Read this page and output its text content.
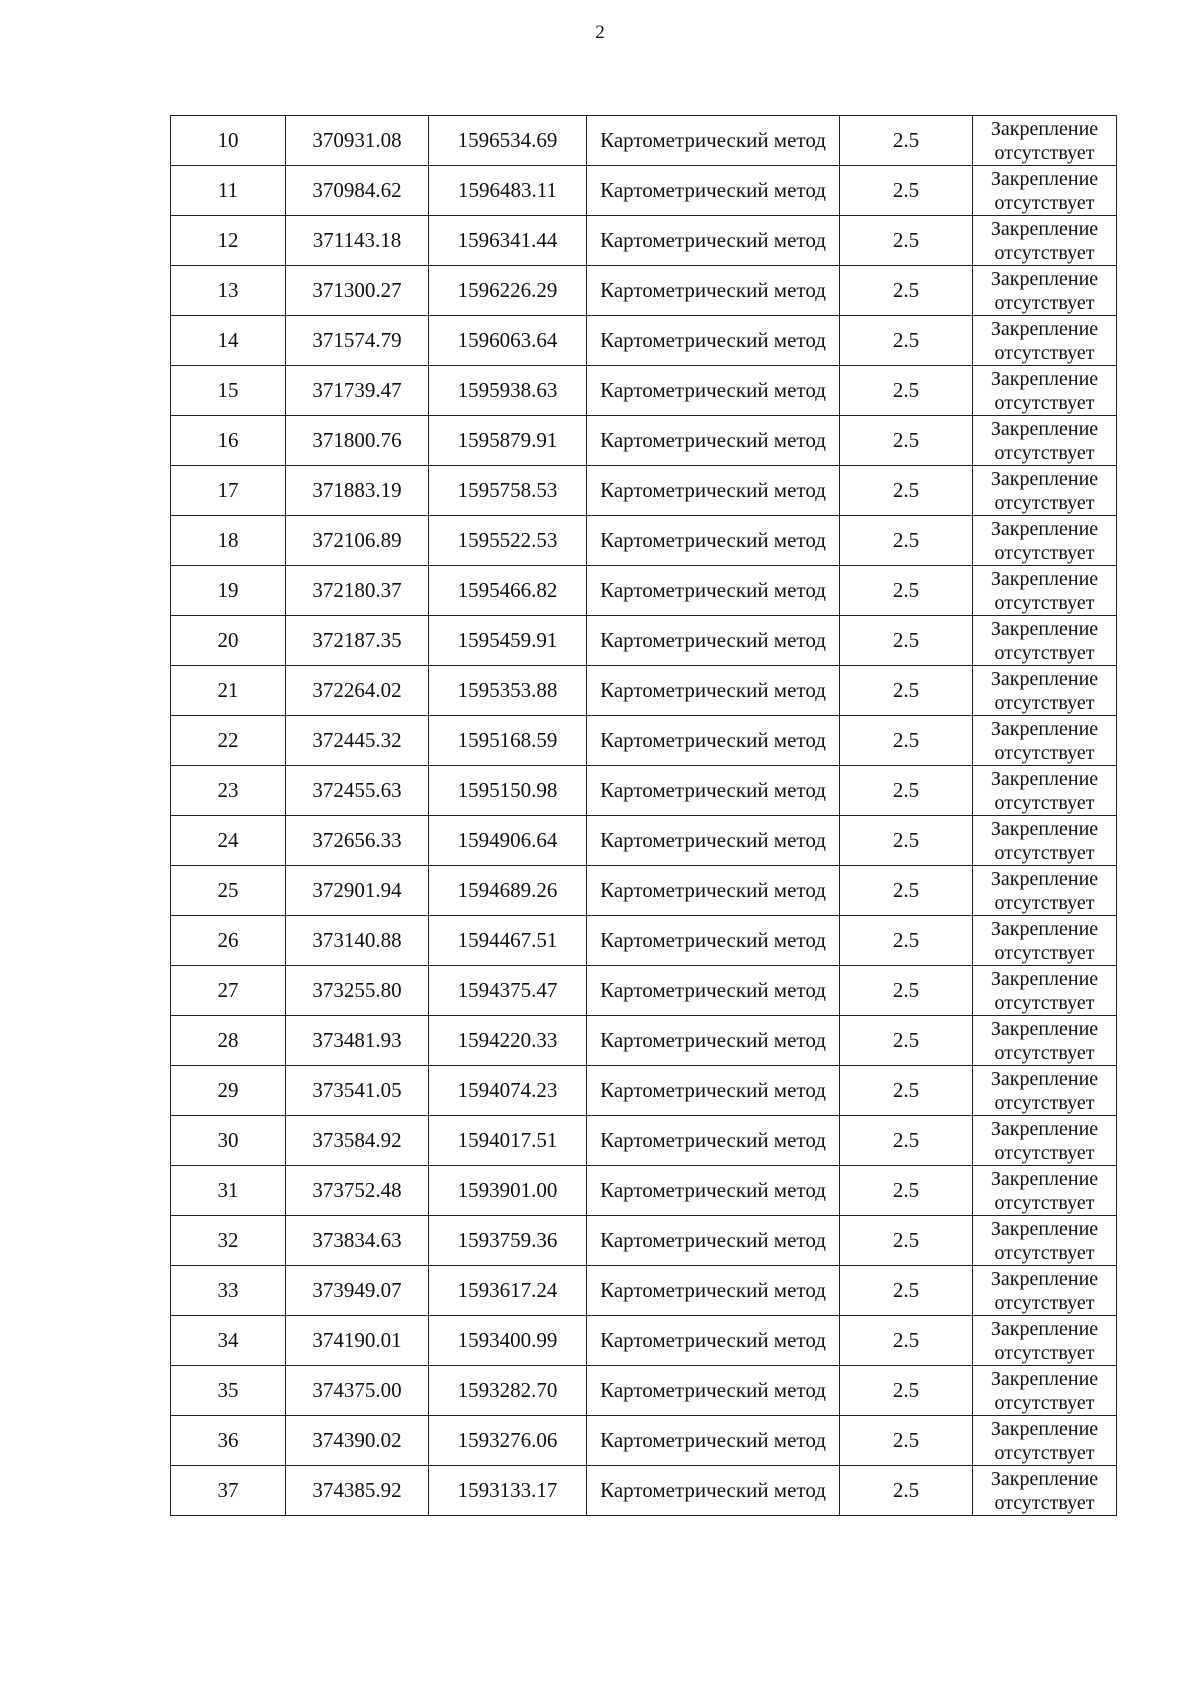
2
10	370931.08	1596534.69	Картометрический метод	2.5	Закрепление
отсутствует

11	370984.62	1596483.11	Картометрический метод	2.5	Закрепление
отсутствует

12	371143.18	1596341.44	Картометрический метод	2.5	Закрепление
отсутствует

13	371300.27	1596226.29	Картометрический метод	2.5	Закрепление
отсутствует

14	371574.79	1596063.64	Картометрический метод	2.5	Закрепление
отсутствует

15	371739.47	1595938.63	Картометрический метод	2.5	Закрепление
отсутствует

16	371800.76	1595879.91	Картометрический метод	2.5	Закрепление
отсутствует

17	371883.19	1595758.53	Картометрический метод	2.5	Закрепление
отсутствует

18	372106.89	1595522.53	Картометрический метод	2.5	Закрепление
отсутствует

19	372180.37	1595466.82	Картометрический метод	2.5	Закрепление
отсутствует

20	372187.35	1595459.91	Картометрический метод	2.5	Закрепление
отсутствует

21	372264.02	1595353.88	Картометрический метод	2.5	Закрепление
отсутствует

22	372445.32	1595168.59	Картометрический метод	2.5	Закрепление
отсутствует

23	372455.63	1595150.98	Картометрический метод	2.5	Закрепление
отсутствует

24	372656.33	1594906.64	Картометрический метод	2.5	Закрепление
отсутствует

25	372901.94	1594689.26	Картометрический метод	2.5	Закрепление
отсутствует

26	373140.88	1594467.51	Картометрический метод	2.5	Закрепление
отсутствует

27	373255.80	1594375.47	Картометрический метод	2.5	Закрепление
отсутствует

28	373481.93	1594220.33	Картометрический метод	2.5	Закрепление
отсутствует

29	373541.05	1594074.23	Картометрический метод	2.5	Закрепление
отсутствует

30	373584.92	1594017.51	Картометрический метод	2.5	Закрепление
отсутствует

31	373752.48	1593901.00	Картометрический метод	2.5	Закрепление
отсутствует

32	373834.63	1593759.36	Картометрический метод	2.5	Закрепление
отсутствует

33	373949.07	1593617.24	Картометрический метод	2.5	Закрепление
отсутствует

34	374190.01	1593400.99	Картометрический метод	2.5	Закрепление
отсутствует

35	374375.00	1593282.70	Картометрический метод	2.5	Закрепление
отсутствует

36	374390.02	1593276.06	Картометрический метод	2.5	Закрепление
отсутствует

37	374385.92	1593133.17	Картометрический метод	2.5	Закрепление
отсутствует
